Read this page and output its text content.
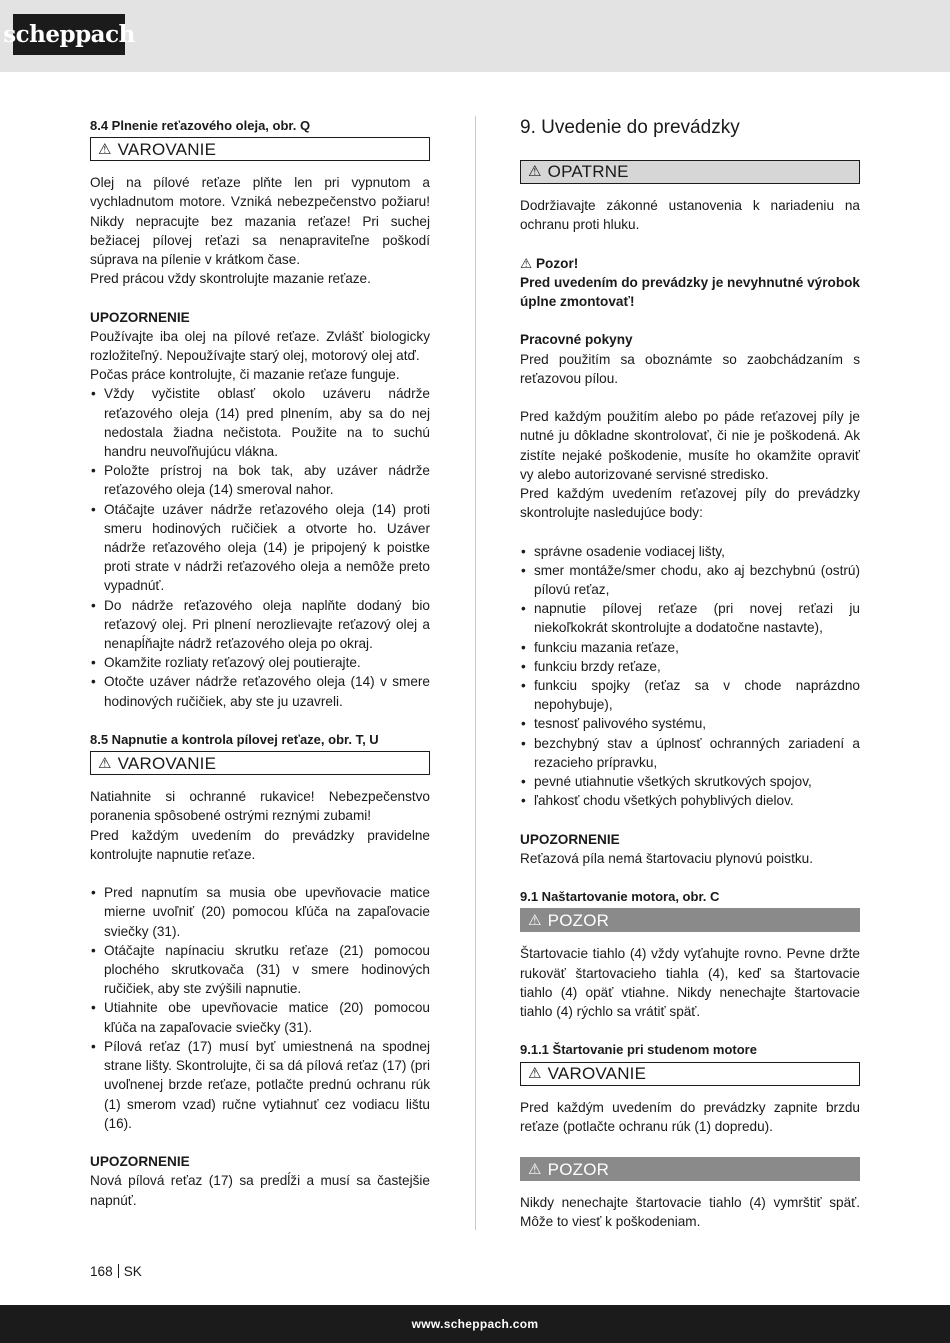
scheppach

8.4 Plnenie reťazového oleja, obr. Q

⚠ VAROVANIE

Olej na pílové reťaze plňte len pri vypnutom a vychladnutom motore. Vzniká nebezpečenstvo požiaru! Nikdy nepracujte bez mazania reťaze! Pri suchej bežiacej pílovej reťazi sa nenapraviteľne poškodí súprava na pílenie v krátkom čase.

Pred prácou vždy skontrolujte mazanie reťaze.

UPOZORNENIE

Používajte iba olej na pílové reťaze. Zvlášť biologicky rozložiteľný. Nepoužívajte starý olej, motorový olej atď.

Počas práce kontrolujte, či mazanie reťaze funguje.

• Vždy vyčistite oblasť okolo uzáveru nádrže reťazového oleja (14) pred plnením, aby sa do nej nedostala žiadna nečistota. Použite na to suchú handru neuvoľňujúcu vlákna.
• Položte prístroj na bok tak, aby uzáver nádrže reťazového oleja (14) smeroval nahor.
• Otáčajte uzáver nádrže reťazového oleja (14) proti smeru hodinových ručičiek a otvorte ho. Uzáver nádrže reťazového oleja (14) je pripojený k poistke proti strate v nádrži reťazového oleja a nemôže preto vypadnúť.
• Do nádrže reťazového oleja naplňte dodaný bio reťazový olej. Pri plnení nerozlievajte reťazový olej a nenapĺňajte nádrž reťazového oleja po okraj.
• Okamžite rozliaty reťazový olej poutierajte.
• Otočte uzáver nádrže reťazového oleja (14) v smere hodinových ručičiek, aby ste ju uzavreli.

8.5 Napnutie a kontrola pílovej reťaze, obr. T, U

⚠ VAROVANIE

Natiahnite si ochranné rukavice! Nebezpečenstvo poranenia spôsobené ostrými reznými zubami!

Pred každým uvedením do prevádzky pravidelne kontrolujte napnutie reťaze.

• Pred napnutím sa musia obe upevňovacie matice mierne uvoľniť (20) pomocou kľúča na zapaľovacie sviečky (31).
• Otáčajte napínaciu skrutku reťaze (21) pomocou plochého skrutkovača (31) v smere hodinových ručičiek, aby ste zvýšili napnutie.
• Utiahnite obe upevňovacie matice (20) pomocou kľúča na zapaľovacie sviečky (31).
• Pílová reťaz (17) musí byť umiestnená na spodnej strane lišty. Skontrolujte, či sa dá pílová reťaz (17) (pri uvoľnenej brzde reťaze, potlačte prednú ochranu rúk (1) smerom vzad) ručne vytiahnuť cez vodiacu lištu (16).

UPOZORNENIE

Nová pílová reťaz (17) sa predĺži a musí sa častejšie napnúť.

9. Uvedenie do prevádzky
⚠ OPATRNE

Dodržiavajte zákonné ustanovenia k nariadeniu na ochranu proti hluku.

⚠ Pozor!

Pred uvedením do prevádzky je nevyhnutné výrobok úplne zmontovať!

Pracovné pokyny

Pred použitím sa oboznámte so zaobchádzaním s reťazovou pílou.

Pred každým použitím alebo po páde reťazovej píly je nutné ju dôkladne skontrolovať, či nie je poškodená. Ak zistíte nejaké poškodenie, musíte ho okamžite opraviť vy alebo autorizované servisné stredisko.

Pred každým uvedením reťazovej píly do prevádzky skontrolujte nasledujúce body:

• správne osadenie vodiacej lišty,
• smer montáže/smer chodu, ako aj bezchybnú (ostrú) pílovú reťaz,
• napnutie pílovej reťaze (pri novej reťazi ju niekoľkokrát skontrolujte a dodatočne nastavte),
• funkciu mazania reťaze,
• funkciu brzdy reťaze,
• funkciu spojky (reťaz sa v chode naprázdno nepohybuje),
• tesnosť palivového systému,
• bezchybný stav a úplnosť ochranných zariadení a rezacieho prípravku,
• pevné utiahnutie všetkých skrutkových spojov,
• ľahkosť chodu všetkých pohyblivých dielov.

UPOZORNENIE

Reťazová píla nemá štartovaciu plynovú poistku.

9.1 Naštartovanie motora, obr. C

⚠ POZOR

Štartovacie tiahlo (4) vždy vyťahujte rovno. Pevne držte rukoväť štartovacieho tiahla (4), keď sa štartovacie tiahlo (4) opäť vtiahne. Nikdy nenechajte štartovacie tiahlo (4) rýchlo sa vrátiť späť.

9.1.1 Štartovanie pri studenom motore

⚠ VAROVANIE

Pred každým uvedením do prevádzky zapnite brzdu reťaze (potlačte ochranu rúk (1) dopredu).

⚠ POZOR

Nikdy nenechajte štartovacie tiahlo (4) vymrštiť späť. Môže to viesť k poškodeniam.

168 SK
www.scheppach.com
